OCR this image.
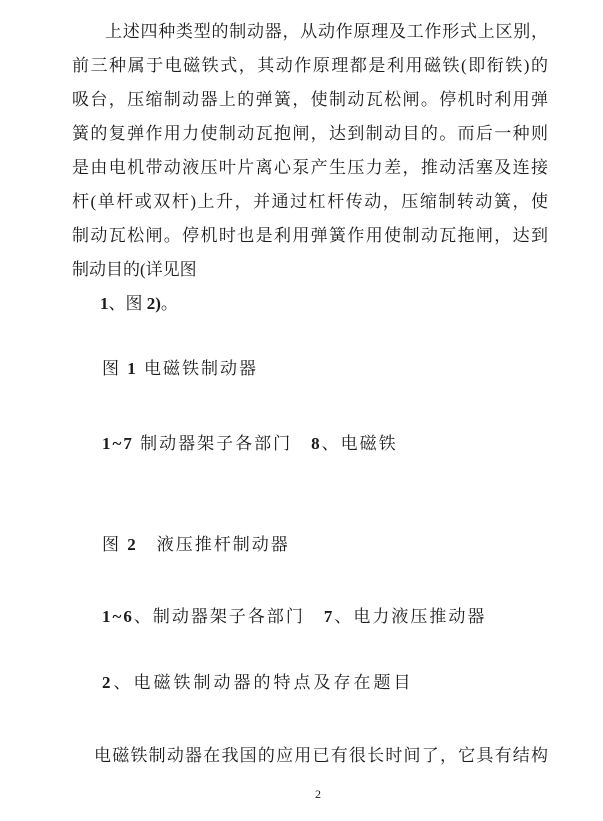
上述四种类型的制动器，从动作原理及工作形式上区别，
前三种属于电磁铁式，其动作原理都是利用磁铁(即衔铁)的
吸台，压缩制动器上的弹簧，使制动瓦松闸。停机时利用弹
簧的复弹作用力使制动瓦抱闸，达到制动目的。而后一种则
是由电机带动液压叶片离心泵产生压力差，推动活塞及连接
杆(单杆或双杆)上升，并通过杠杆传动，压缩制转动簧，使
制动瓦松闸。停机时也是利用弹簧作用使制动瓦拖闸，达到
制动目的(详见图
1、图 2)。
图 1 电磁铁制动器
1~7 制动器架子各部门　 8、电磁铁
图 2　液压推杆制动器
1~6、制动器架子各部门　 7、电力液压推动器
2、电磁铁制动器的特点及存在题目
电磁铁制动器在我国的应用已有很长时间了，它具有结构
2
